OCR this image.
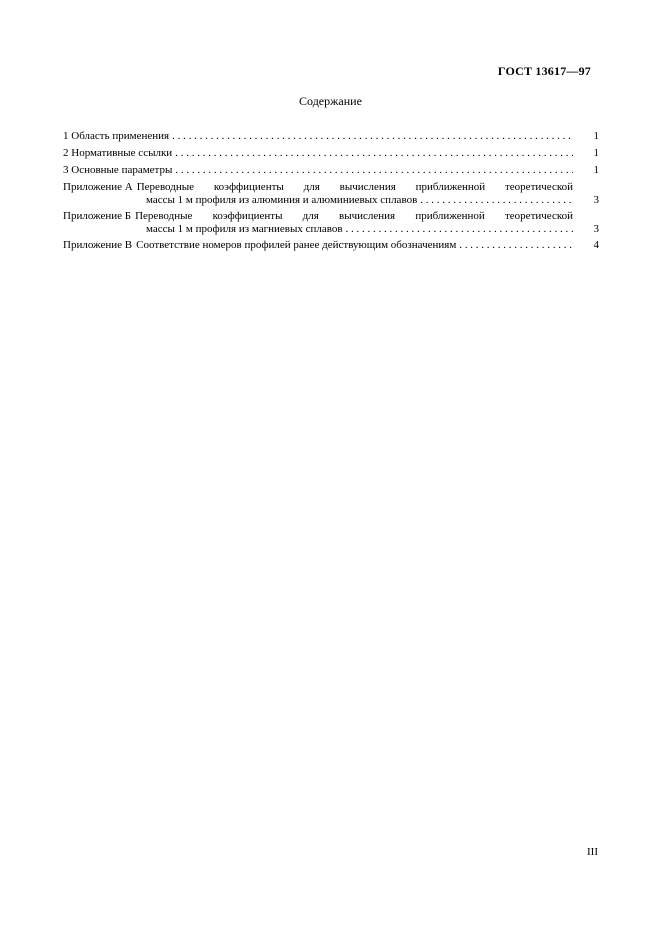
ГОСТ 13617—97
Содержание
1 Область применения . . .	1
2 Нормативные ссылки . . .	1
3 Основные параметры . . .	1
Приложение А Переводные коэффициенты для вычисления приближенной теоретической
массы 1 м профиля из алюминия и алюминиевых сплавов . . .	3
Приложение Б Переводные коэффициенты для вычисления приближенной теоретической
массы 1 м профиля из магниевых сплавов . . .	3
Приложение В Соответствие номеров профилей ранее действующим обозначениям . . .	4
III
